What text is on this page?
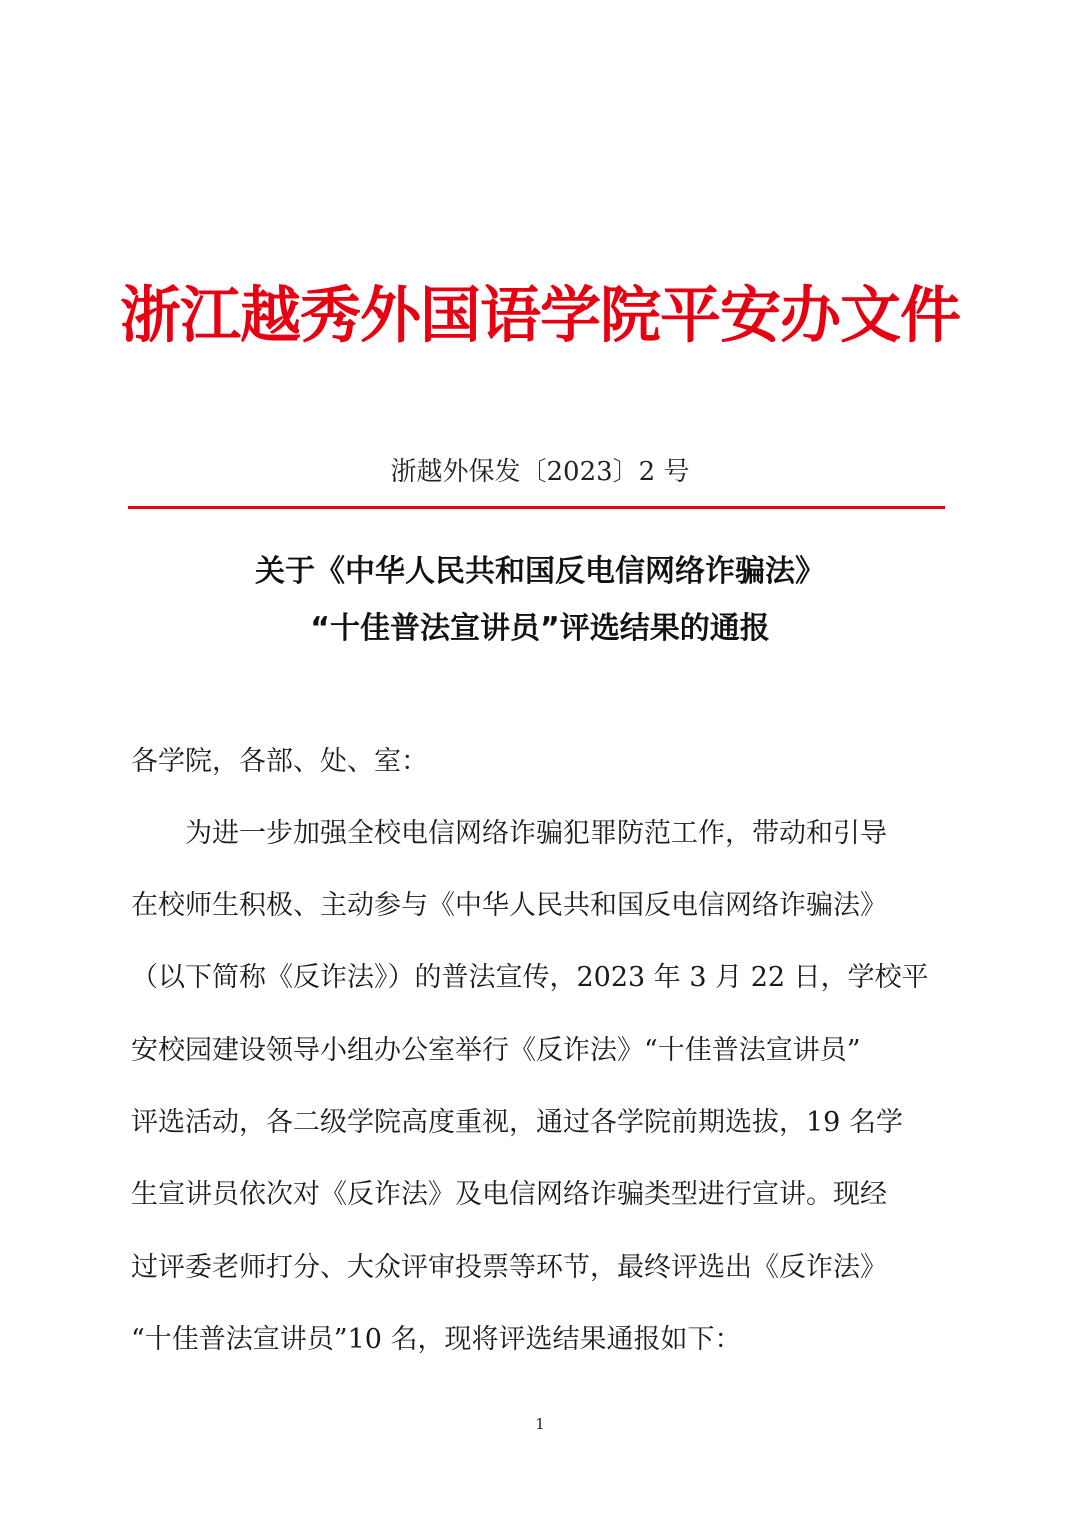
浙江越秀外国语学院平安办文件
浙越外保发〔2023〕2 号
关于《中华人民共和国反电信网络诈骗法》
“十佳普法宣讲员”评选结果的通报
各学院，各部、处、室：
　　为进一步加强全校电信网络诈骗犯罪防范工作，带动和引导
在校师生积极、主动参与《中华人民共和国反电信网络诈骗法》
（以下简称《反诈法》）的普法宣传，2023 年 3 月 22 日，学校平
安校园建设领导小组办公室举行《反诈法》“十佳普法宣讲员”
评选活动，各二级学院高度重视，通过各学院前期选拔，19 名学
生宣讲员依次对《反诈法》及电信网络诈骗类型进行宣讲。现经
过评委老师打分、大众评审投票等环节，最终评选出《反诈法》
“十佳普法宣讲员”10 名，现将评选结果通报如下：
1
